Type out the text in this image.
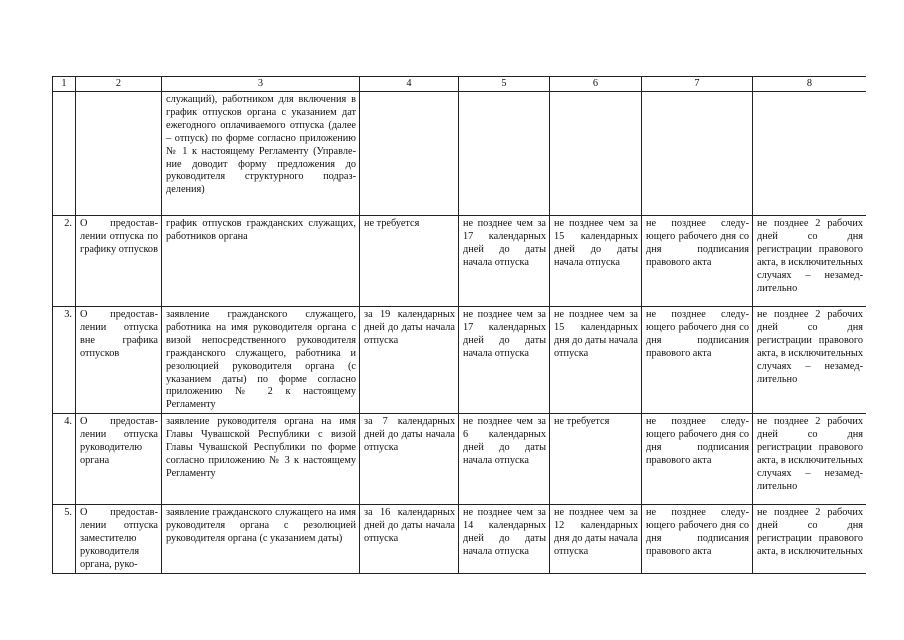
1	2	3	4	5	6	7	8
		служащий), работником для включения в график отпусков органа с указанием дат ежегодного оплачиваемого отпуска (далее – отпуск) по форме согласно приложению № 1 к настоящему Регламенту (Управление доводит форму предложения до руководителя структурного подразделения)					
2.	О предоставлении отпуска по графику отпусков	график отпусков гражданских служащих, работников органа	не требуется	не позднее чем за 17 календарных дней до даты начала отпуска	не позднее чем за 15 календарных дней до даты начала отпуска	не позднее следующего рабочего дня со дня подписания правового акта	не позднее 2 рабочих дней со дня регистрации правового акта, в исключительных случаях – незамедлительно
3.	О предоставлении отпуска вне графика отпусков	заявление гражданского служащего, работника на имя руководителя органа с визой непосредственного руководителя гражданского служащего, работника и резолюцией руководителя органа (с указанием даты) по форме согласно приложению № 2 к настоящему Регламенту	за 19 календарных дней до даты начала отпуска	не позднее чем за 17 календарных дней до даты начала отпуска	не позднее чем за 15 календарных дня до даты начала отпуска	не позднее следующего рабочего дня со дня подписания правового акта	не позднее 2 рабочих дней со дня регистрации правового акта, в исключительных случаях – незамедлительно
4.	О предоставлении отпуска руководителю органа	заявление руководителя органа на имя Главы Чувашской Республики с визой Главы Чувашской Республики по форме согласно приложению № 3 к настоящему Регламенту	за 7 календарных дней до даты начала отпуска	не позднее чем за 6 календарных дней до даты начала отпуска	не требуется	не позднее следующего рабочего дня со дня подписания правового акта	не позднее 2 рабочих дней со дня регистрации правового акта, в исключительных случаях – незамедлительно
5.	О предоставлении отпуска заместителю руководителя органа, руко-	заявление гражданского служащего на имя руководителя органа с резолюцией руководителя органа (с указанием даты)	за 16 календарных дней до даты начала отпуска	не позднее чем за 14 календарных дней до даты начала отпуска	не позднее чем за 12 календарных дня до даты начала отпуска	не позднее следующего рабочего дня со дня подписания правового акта	не позднее 2 рабочих дней со дня регистрации правового акта, в исключительных
